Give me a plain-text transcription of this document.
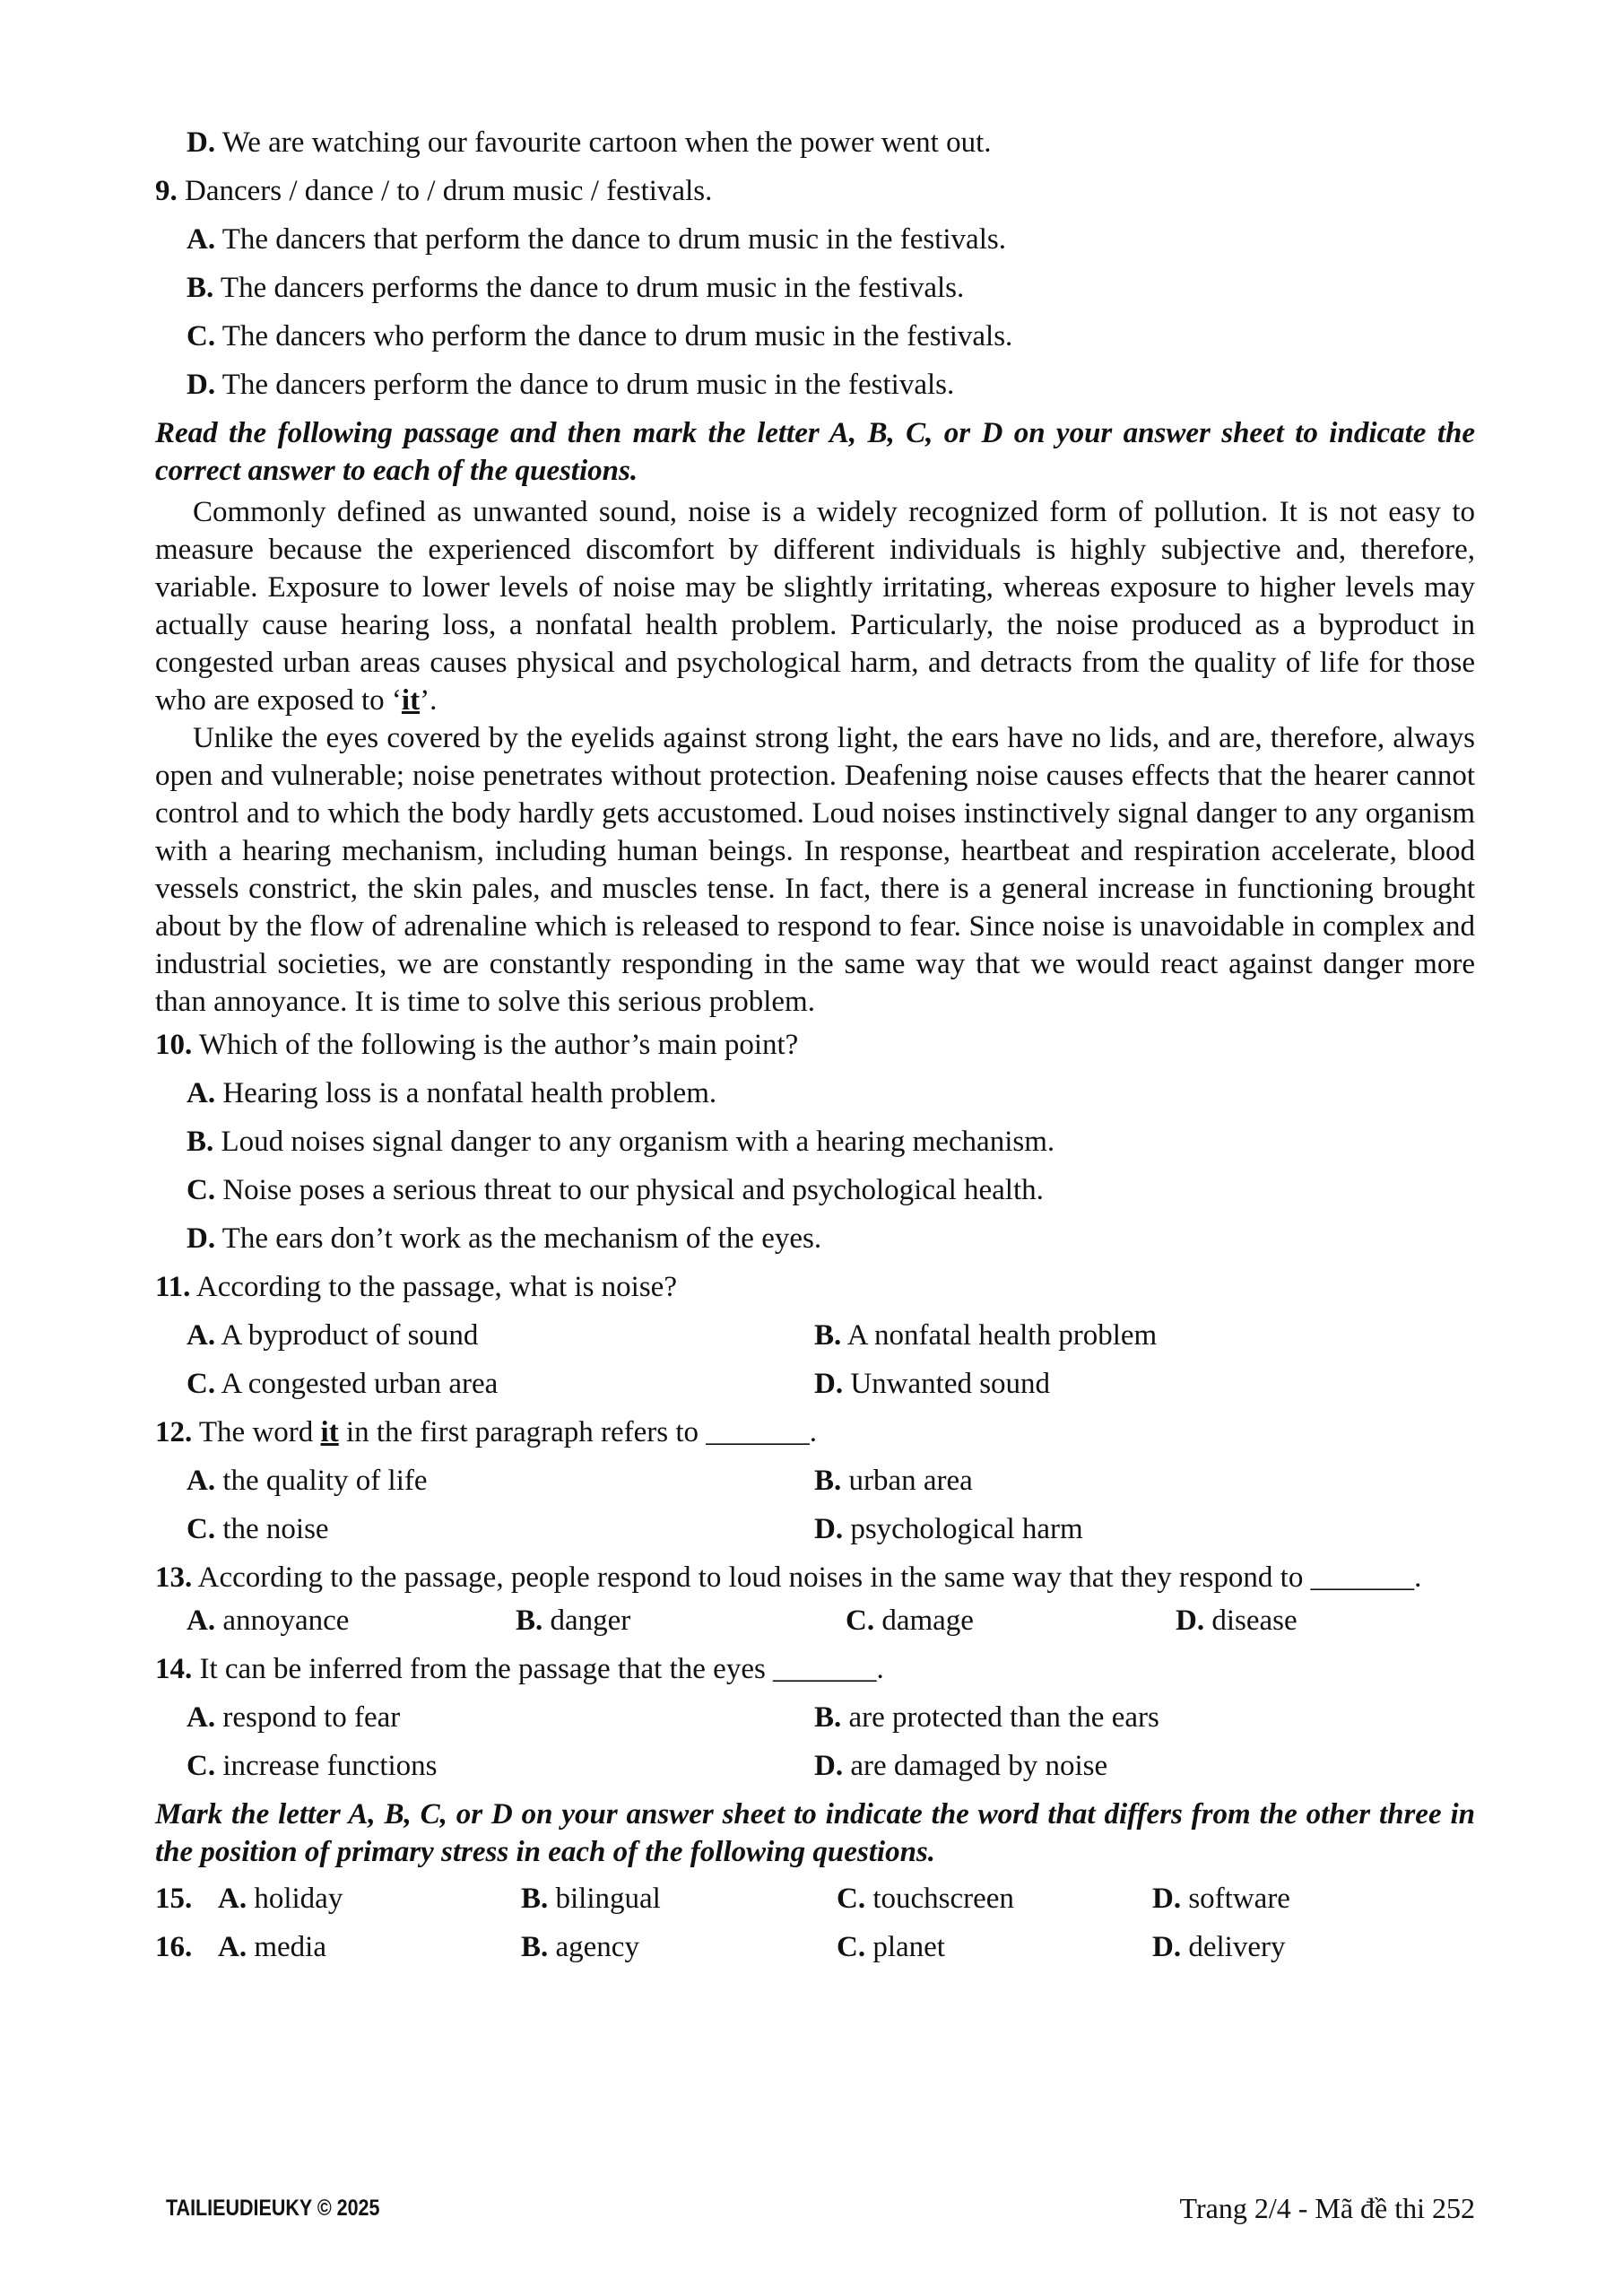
D. We are watching our favourite cartoon when the power went out.
9. Dancers / dance / to / drum music / festivals.
A. The dancers that perform the dance to drum music in the festivals.
B. The dancers performs the dance to drum music in the festivals.
C. The dancers who perform the dance to drum music in the festivals.
D. The dancers perform the dance to drum music in the festivals.
Read the following passage and then mark the letter A, B, C, or D on your answer sheet to indicate the correct answer to each of the questions.
Commonly defined as unwanted sound, noise is a widely recognized form of pollution. It is not easy to measure because the experienced discomfort by different individuals is highly subjective and, therefore, variable. Exposure to lower levels of noise may be slightly irritating, whereas exposure to higher levels may actually cause hearing loss, a nonfatal health problem. Particularly, the noise produced as a byproduct in congested urban areas causes physical and psychological harm, and detracts from the quality of life for those who are exposed to ‘it’.
Unlike the eyes covered by the eyelids against strong light, the ears have no lids, and are, therefore, always open and vulnerable; noise penetrates without protection. Deafening noise causes effects that the hearer cannot control and to which the body hardly gets accustomed. Loud noises instinctively signal danger to any organism with a hearing mechanism, including human beings. In response, heartbeat and respiration accelerate, blood vessels constrict, the skin pales, and muscles tense. In fact, there is a general increase in functioning brought about by the flow of adrenaline which is released to respond to fear. Since noise is unavoidable in complex and industrial societies, we are constantly responding in the same way that we would react against danger more than annoyance. It is time to solve this serious problem.
10. Which of the following is the author’s main point?
A. Hearing loss is a nonfatal health problem.
B. Loud noises signal danger to any organism with a hearing mechanism.
C. Noise poses a serious threat to our physical and psychological health.
D. The ears don’t work as the mechanism of the eyes.
11. According to the passage, what is noise?
A. A byproduct of sound	B. A nonfatal health problem
C. A congested urban area	D. Unwanted sound
12. The word it in the first paragraph refers to _______.
A. the quality of life	B. urban area
C. the noise	D. psychological harm
13. According to the passage, people respond to loud noises in the same way that they respond to _______.
A. annoyance	B. danger	C. damage	D. disease
14. It can be inferred from the passage that the eyes _______.
A. respond to fear	B. are protected than the ears
C. increase functions	D. are damaged by noise
Mark the letter A, B, C, or D on your answer sheet to indicate the word that differs from the other three in the position of primary stress in each of the following questions.
15. A. holiday	B. bilingual	C. touchscreen	D. software
16. A. media	B. agency	C. planet	D. delivery
TAILIEUDIEUKY © 2025	Trang 2/4 - Mã đề thi 252
